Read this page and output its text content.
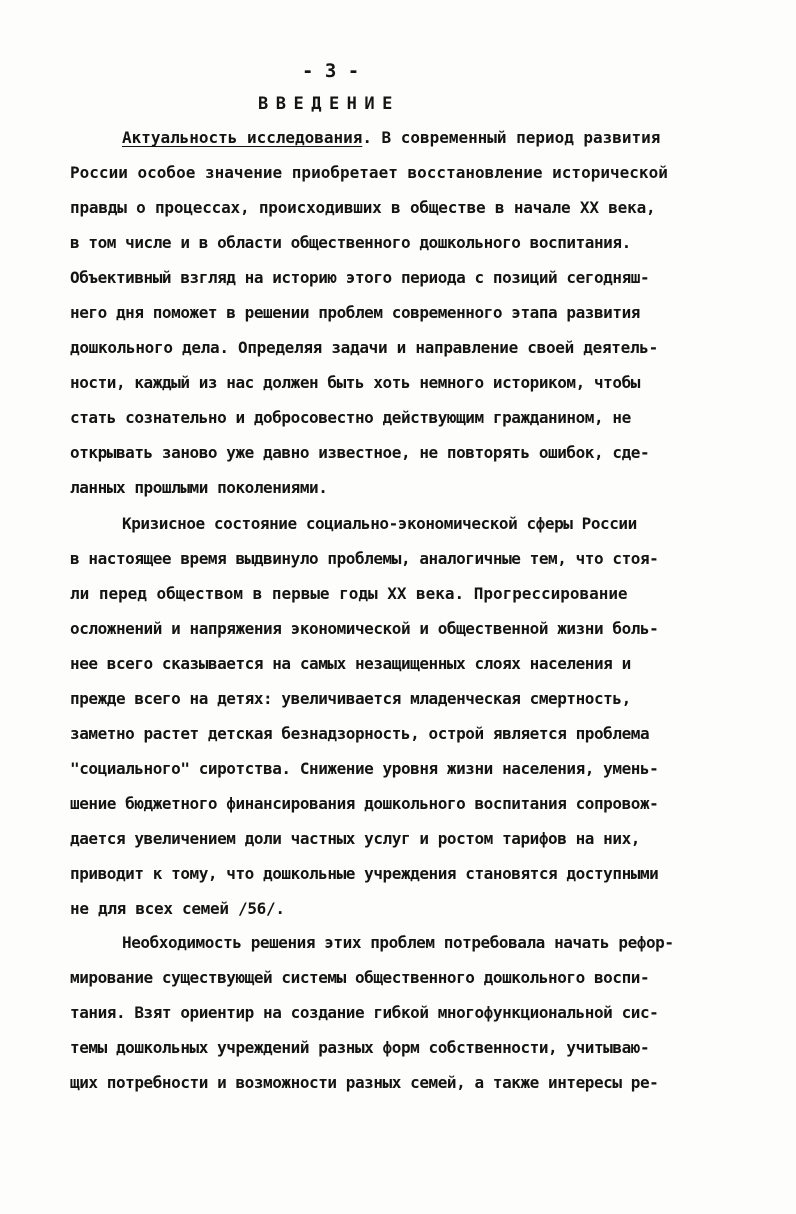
- 3 -
ВВЕДЕНИЕ
Актуальность исследования. В современный период развития
России особое значение приобретает восстановление исторической
правды о процессах, происходивших в обществе в начале XX века,
в том числе и в области общественного дошкольного воспитания.
Объективный взгляд на историю этого периода с позиций сегодняш-
него дня поможет в решении проблем современного этапа развития
дошкольного дела. Определяя задачи и направление своей деятель-
ности, каждый из нас должен быть хоть немного историком, чтобы
стать сознательно и добросовестно действующим гражданином, не
открывать заново уже давно известное, не повторять ошибок, сде-
ланных прошлыми поколениями.
Кризисное состояние социально-экономической сферы России
в настоящее время выдвинуло проблемы, аналогичные тем, что стоя-
ли перед обществом в первые годы XX века. Прогрессирование
осложнений и напряжения экономической и общественной жизни боль-
нее всего сказывается на самых незащищенных слоях населения и
прежде всего на детях: увеличивается младенческая смертность,
заметно растет детская безнадзорность, острой является проблема
"социального" сиротства. Снижение уровня жизни населения, умень-
шение бюджетного финансирования дошкольного воспитания сопровож-
дается увеличением доли частных услуг и ростом тарифов на них,
приводит к тому, что дошкольные учреждения становятся доступными
не для всех семей /56/.
Необходимость решения этих проблем потребовала начать рефор-
мирование существующей системы общественного дошкольного воспи-
тания. Взят ориентир на создание гибкой многофункциональной сис-
темы дошкольных учреждений разных форм собственности, учитываю-
щих потребности и возможности разных семей, а также интересы ре-
